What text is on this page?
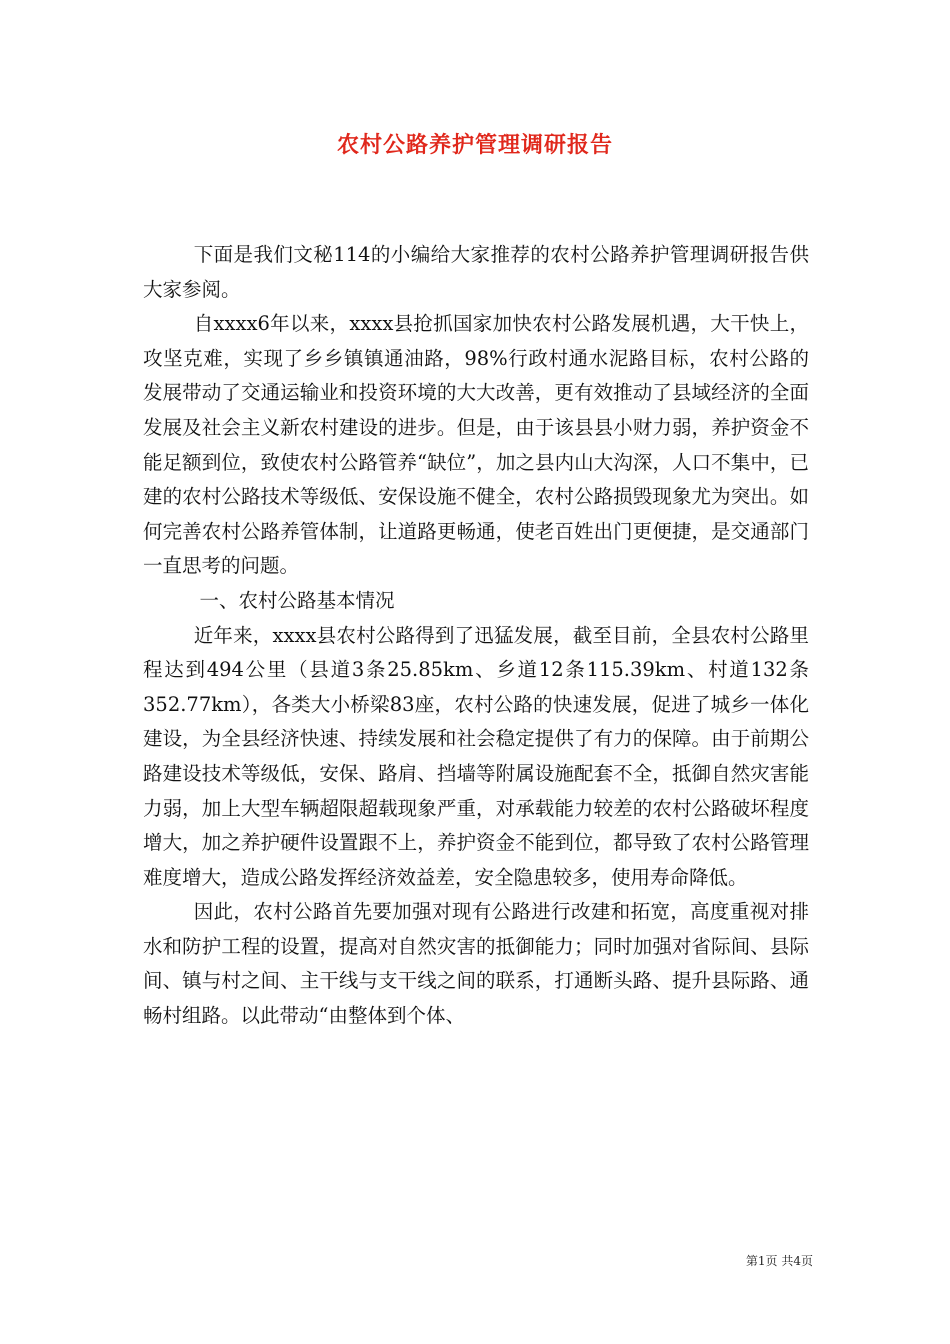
农村公路养护管理调研报告

下面是我们文秘114的小编给大家推荐的农村公路养护管理调研报告供大家参阅。

自xxxx6年以来，xxxx县抢抓国家加快农村公路发展机遇，大干快上，攻坚克难，实现了乡乡镇镇通油路，98%行政村通水泥路目标，农村公路的发展带动了交通运输业和投资环境的大大改善，更有效推动了县域经济的全面发展及社会主义新农村建设的进步。但是，由于该县县小财力弱，养护资金不能足额到位，致使农村公路管养“缺位”，加之县内山大沟深，人口不集中，已建的农村公路技术等级低、安保设施不健全，农村公路损毁现象尤为突出。如何完善农村公路养管体制，让道路更畅通，使老百姓出门更便捷，是交通部门一直思考的问题。

一、农村公路基本情况

近年来，xxxx县农村公路得到了迅猛发展，截至目前，全县农村公路里程达到494公里（县道3条25.85km、乡道12条115.39km、村道132条352.77km），各类大小桥梁83座，农村公路的快速发展，促进了城乡一体化建设，为全县经济快速、持续发展和社会稳定提供了有力的保障。由于前期公路建设技术等级低，安保、路肩、挡墙等附属设施配套不全，抵御自然灾害能力弱，加上大型车辆超限超载现象严重，对承载能力较差的农村公路破坏程度增大，加之养护硬件设置跟不上，养护资金不能到位，都导致了农村公路管理难度增大，造成公路发挥经济效益差，安全隐患较多，使用寿命降低。

因此，农村公路首先要加强对现有公路进行改建和拓宽，高度重视对排水和防护工程的设置，提高对自然灾害的抵御能力；同时加强对省际间、县际间、镇与村之间、主干线与支干线之间的联系，打通断头路、提升县际路、通畅村组路。以此带动“由整体到个体、

第1页 共4页
